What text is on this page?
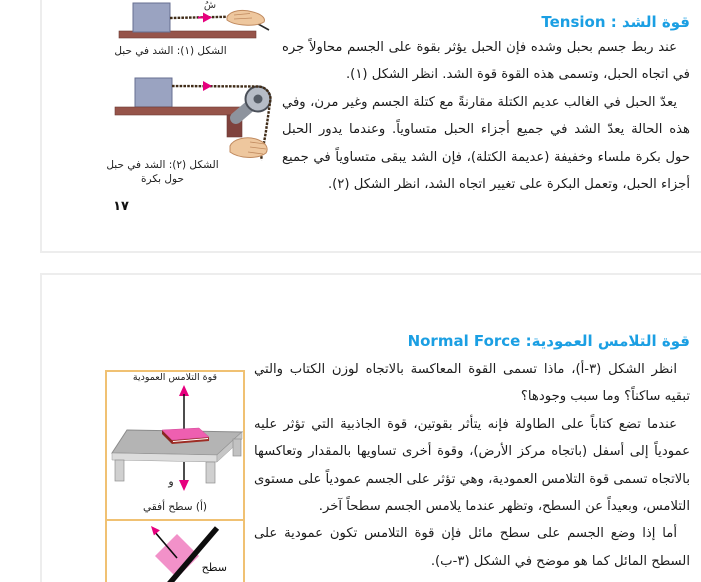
قوة الشد : Tension

عند ربط جسم بحبل وشده فإن الحبل يؤثر بقوة على الجسم محاولاً جره في اتجاه الحبل، وتسمى هذه القوة قوة الشد. انظر الشكل (١).

يعدّ الحبل في الغالب عديم الكتلة مقارنةً مع كتلة الجسم وغير مرن، وفي هذه الحالة يعدّ الشد في جميع أجزاء الحبل متساوياً. وعندما يدور الحبل حول بكرة ملساء وخفيفة (عديمة الكتلة)، فإن الشد يبقى متساوياً في جميع أجزاء الحبل، وتعمل البكرة على تغيير اتجاه الشد، انظر الشكل (٢).

شُ
الشكل (١): الشد في حبل
الشكل (٢): الشد في حبل
حول بكرة
١٧
قوة التلامس العمودية: Normal Force

انظر الشكل (٣-أ)، ماذا تسمى القوة المعاكسة بالاتجاه لوزن الكتاب والتي تبقيه ساكناً؟ وما سبب وجودها؟

عندما تضع كتاباً على الطاولة فإنه يتأثر بقوتين، قوة الجاذبية التي تؤثر عليه عمودياً إلى أسفل (باتجاه مركز الأرض)، وقوة أخرى تساويها بالمقدار وتعاكسها بالاتجاه تسمى قوة التلامس العمودية، وهي تؤثر على الجسم عمودياً على مستوى التلامس، وبعيداً عن السطح، وتظهر عندما يلامس الجسم سطحاً آخر.

أما إذا وضع الجسم على سطح مائل فإن قوة التلامس تكون عمودية على السطح المائل كما هو موضح في الشكل (٣-ب).

قوة التلامس العمودية
و
(أ) سطح أفقي
سطح
